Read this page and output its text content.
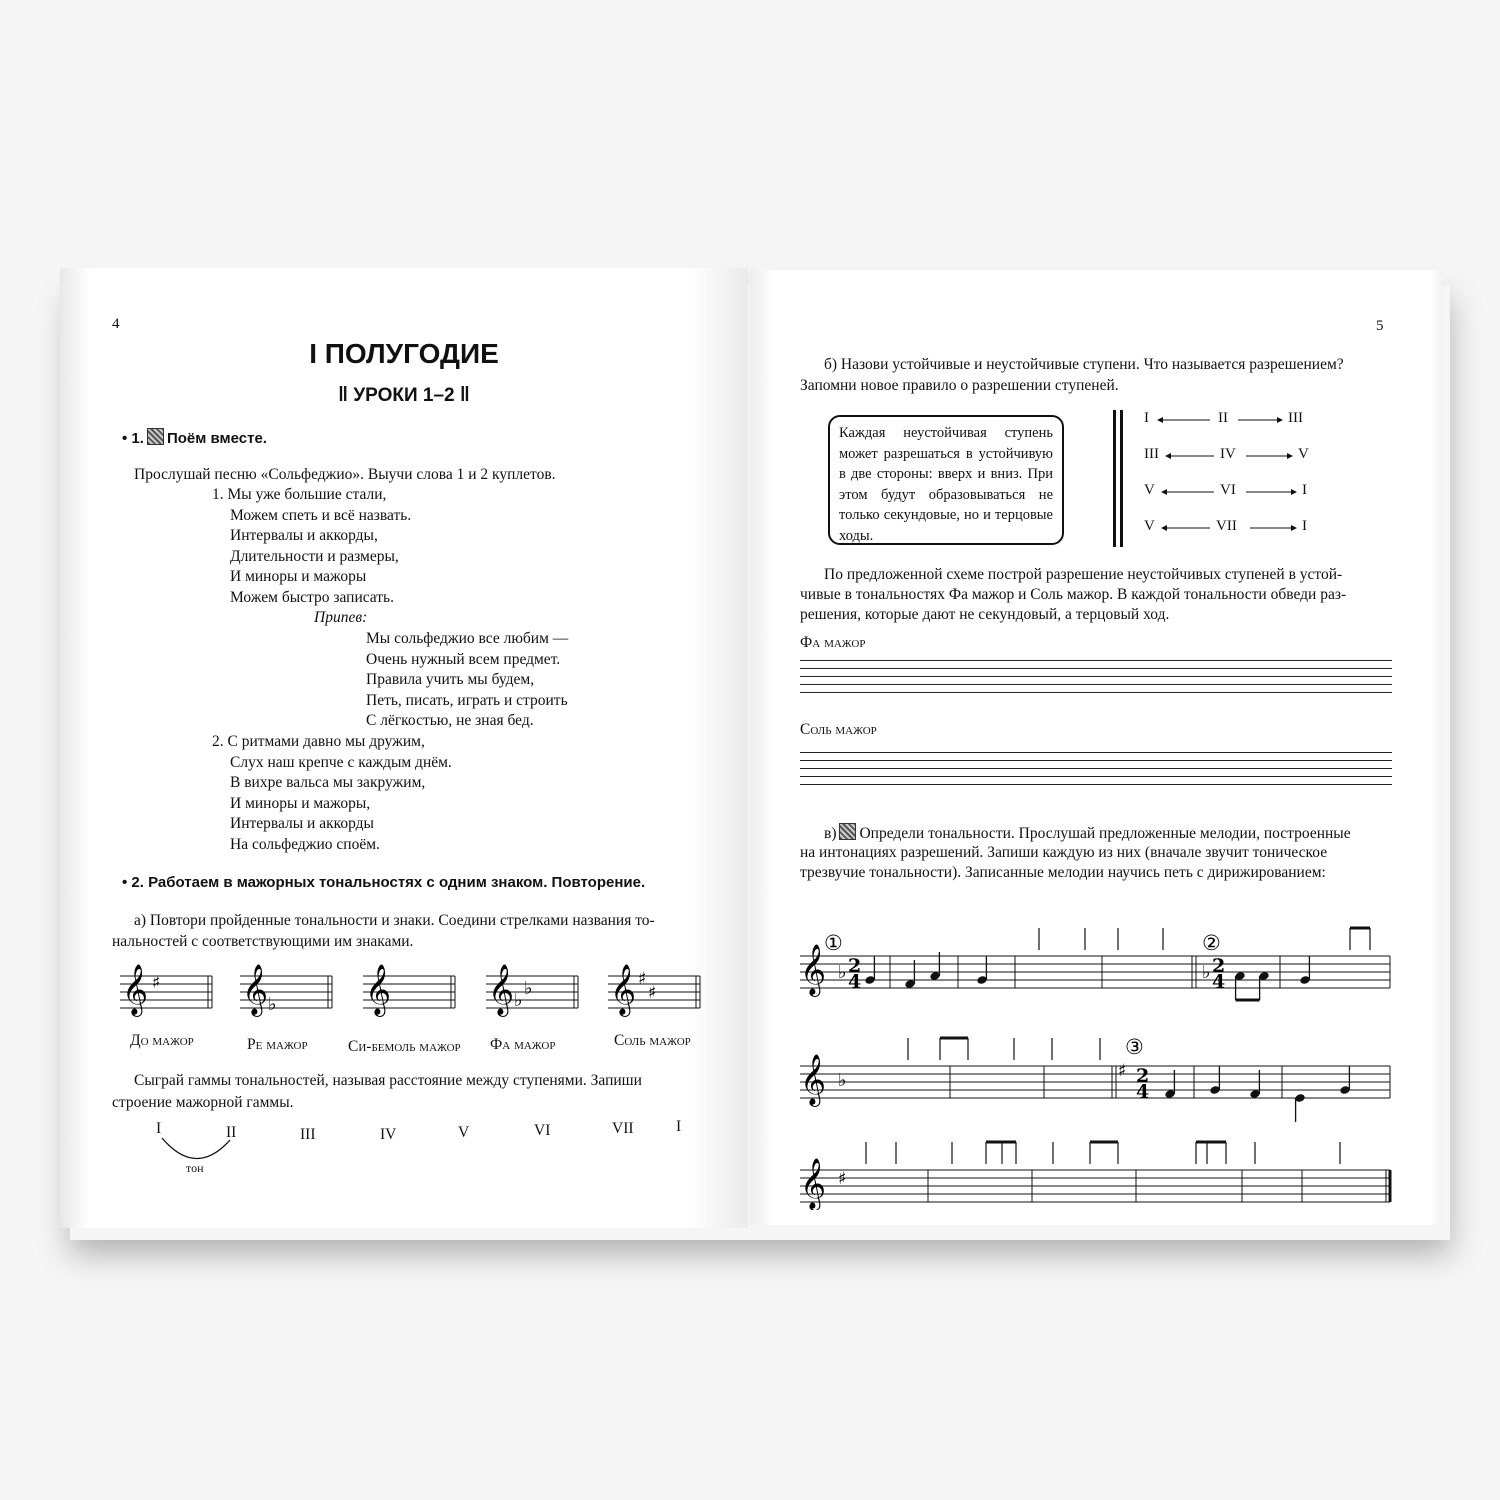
4
I ПОЛУГОДИЕ
‖ УРОКИ 1–2 ‖
• 1. Поём вместе.
Прослушай песню «Сольфеджио». Выучи слова 1 и 2 куплетов.
1. Мы уже большие стали,
Можем спеть и всё назвать.
Интервалы и аккорды,
Длительности и размеры,
И миноры и мажоры
Можем быстро записать.
Припев:
Мы сольфеджио все любим —
Очень нужный всем предмет.
Правила учить мы будем,
Петь, писать, играть и строить
С лёгкостью, не зная бед.
2. С ритмами давно мы дружим,
Слух наш крепче с каждым днём.
В вихре вальса мы закружим,
И миноры и мажоры,
Интервалы и аккорды
На сольфеджио споём.
• 2. Работаем в мажорных тональностях с одним знаком. Повторение.
а) Повтори пройденные тональности и знаки. Соедини стрелками названия то-
нальностей с соответствующими им знаками.
𝄞 𝄞 𝄞 𝄞 𝄞
♯
♭	♭
♭	♯
♯
До мажор	Ре мажор	Си-бемоль мажор Фа мажор	Соль мажор
Сыграй гаммы тональностей, называя расстояние между ступенями. Запиши
строение мажорной гаммы.
I	II	III	IV	V	VI	VII	I
тон
5
б) Назови устойчивые и неустойчивые ступени. Что называется разрешением?
Запомни новое правило о разрешении ступеней.
Каждая неустойчивая ступень может разрешаться в устойчивую в две стороны: вверх и вниз. При этом будут образовываться не только секундовые, но и терцовые ходы.
I	II	III
III	IV	V
V	VI	I
V	VII	I
По предложенной схеме построй разрешение неустойчивых ступеней в устой-
чивые в тональностях Фа мажор и Соль мажор. В каждой тональности обведи раз-
решения, которые дают не секундовый, а терцовый ход.
Фа мажор
Соль мажор
в) Определи тональности. Прослушай предложенные мелодии, построенные
на интонациях разрешений. Запиши каждую из них (вначале звучит тоническое
трезвучие тональности). Записанные мелодии научись петь с дирижированием:
𝄞 ♭
①
2
4
②
♭ 2
4
𝄞 ♭
③
♯ 2
4
𝄞 ♯
